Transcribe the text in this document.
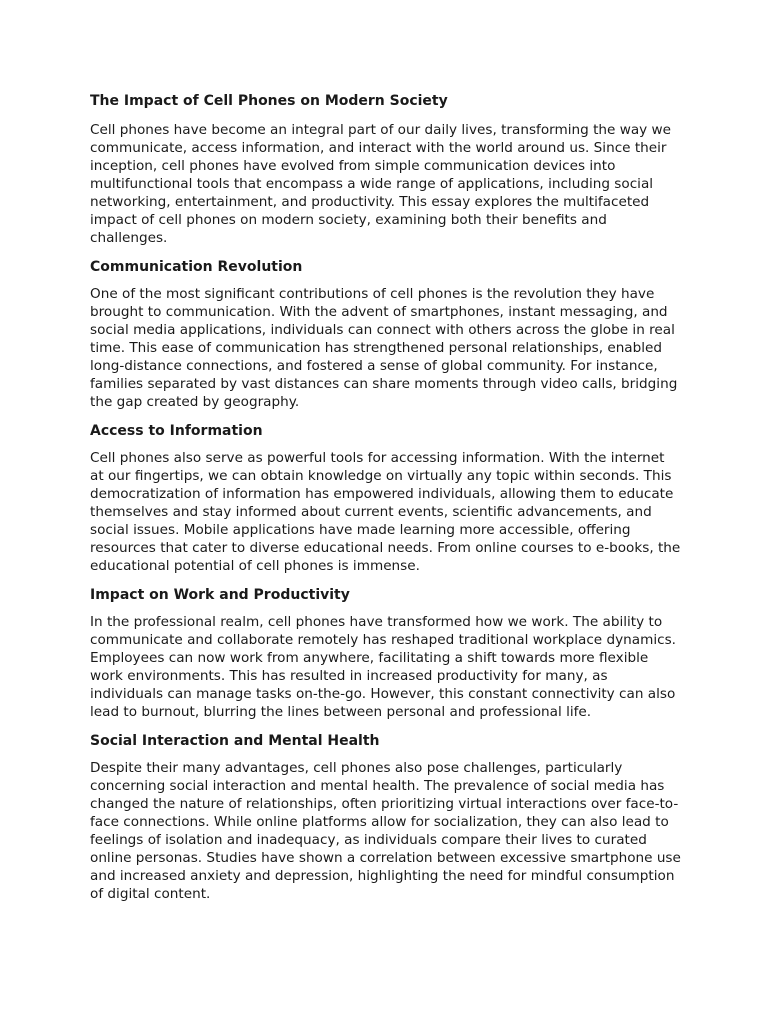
The Impact of Cell Phones on Modern Society

Cell phones have become an integral part of our daily lives, transforming the way we communicate, access information, and interact with the world around us. Since their inception, cell phones have evolved from simple communication devices into multifunctional tools that encompass a wide range of applications, including social networking, entertainment, and productivity. This essay explores the multifaceted impact of cell phones on modern society, examining both their benefits and challenges.

Communication Revolution

One of the most significant contributions of cell phones is the revolution they have brought to communication. With the advent of smartphones, instant messaging, and social media applications, individuals can connect with others across the globe in real time. This ease of communication has strengthened personal relationships, enabled long-distance connections, and fostered a sense of global community. For instance, families separated by vast distances can share moments through video calls, bridging the gap created by geography.

Access to Information

Cell phones also serve as powerful tools for accessing information. With the internet at our fingertips, we can obtain knowledge on virtually any topic within seconds. This democratization of information has empowered individuals, allowing them to educate themselves and stay informed about current events, scientific advancements, and social issues. Mobile applications have made learning more accessible, offering resources that cater to diverse educational needs. From online courses to e-books, the educational potential of cell phones is immense.

Impact on Work and Productivity

In the professional realm, cell phones have transformed how we work. The ability to communicate and collaborate remotely has reshaped traditional workplace dynamics. Employees can now work from anywhere, facilitating a shift towards more flexible work environments. This has resulted in increased productivity for many, as individuals can manage tasks on-the-go. However, this constant connectivity can also lead to burnout, blurring the lines between personal and professional life.

Social Interaction and Mental Health

Despite their many advantages, cell phones also pose challenges, particularly concerning social interaction and mental health. The prevalence of social media has changed the nature of relationships, often prioritizing virtual interactions over face-to-face connections. While online platforms allow for socialization, they can also lead to feelings of isolation and inadequacy, as individuals compare their lives to curated online personas. Studies have shown a correlation between excessive smartphone use and increased anxiety and depression, highlighting the need for mindful consumption of digital content.
